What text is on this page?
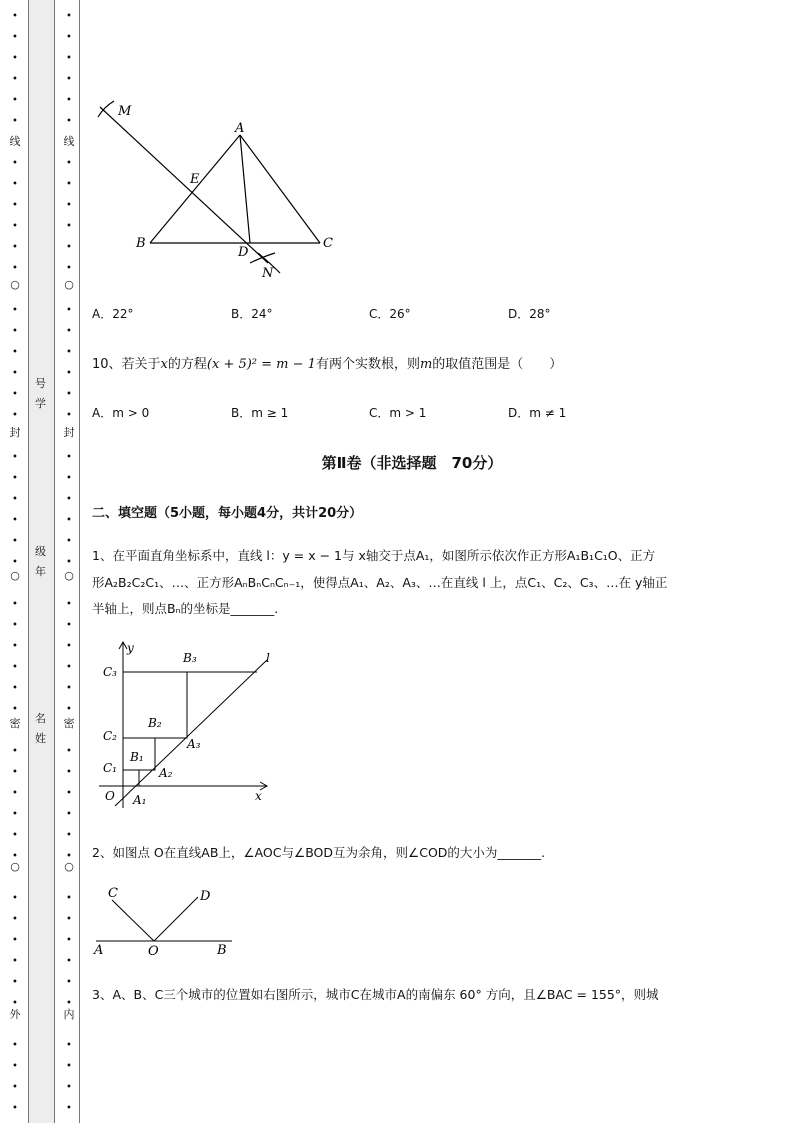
号
学
级
年
名
姓
线
○
封
○
密
○
外
线
○
封
○
密
○
内
M
A
E
B
D
C
N
A．22°	B．24°	C．26°	D．28°
10、若关于x的方程(x + 5)² = m − 1有两个实数根，则m的取值范围是（　　）
A．m > 0	B．m ≥ 1	C．m > 1	D．m ≠ 1
第Ⅱ卷（非选择题　70分）
二、填空题（5小题，每小题4分，共计20分）
1、在平面直角坐标系中，直线 l：y = x − 1与 x轴交于点A₁，如图所示依次作正方形A₁B₁C₁O、正方
形A₂B₂C₂C₁、…、正方形AₙBₙCₙCₙ₋₁，使得点A₁、A₂、A₃、…在直线 l 上，点C₁、C₂、C₃、…在 y轴正
半轴上，则点Bₙ的坐标是_______.
y
x
l
O
C₃
C₂
C₁
B₃
B₂
B₁
A₁
A₂
A₃
2、如图点 O在直线AB上，∠AOC与∠BOD互为余角，则∠COD的大小为_______.
C	D
A	O	B
3、A、B、C三个城市的位置如右图所示，城市C在城市A的南偏东 60° 方向，且∠BAC = 155°，则城
•
•
•
•
•
•
•
•
•
•
•
•
•
•
•
•
•
•
•
•
•
•
•
•
•
•
•
•
•
•
•
•
•
•
•
•
•
•
•
•
•
•
•
•
•
•
•
•
•
•
•
•
•
•
•
•
•
•
•
•
•
•
•
•
•
•
•
•
•
•
•
•
•
•
•
•
•
•
•
•
•
•
•
•
•
•
•
•
•
•
•
•
